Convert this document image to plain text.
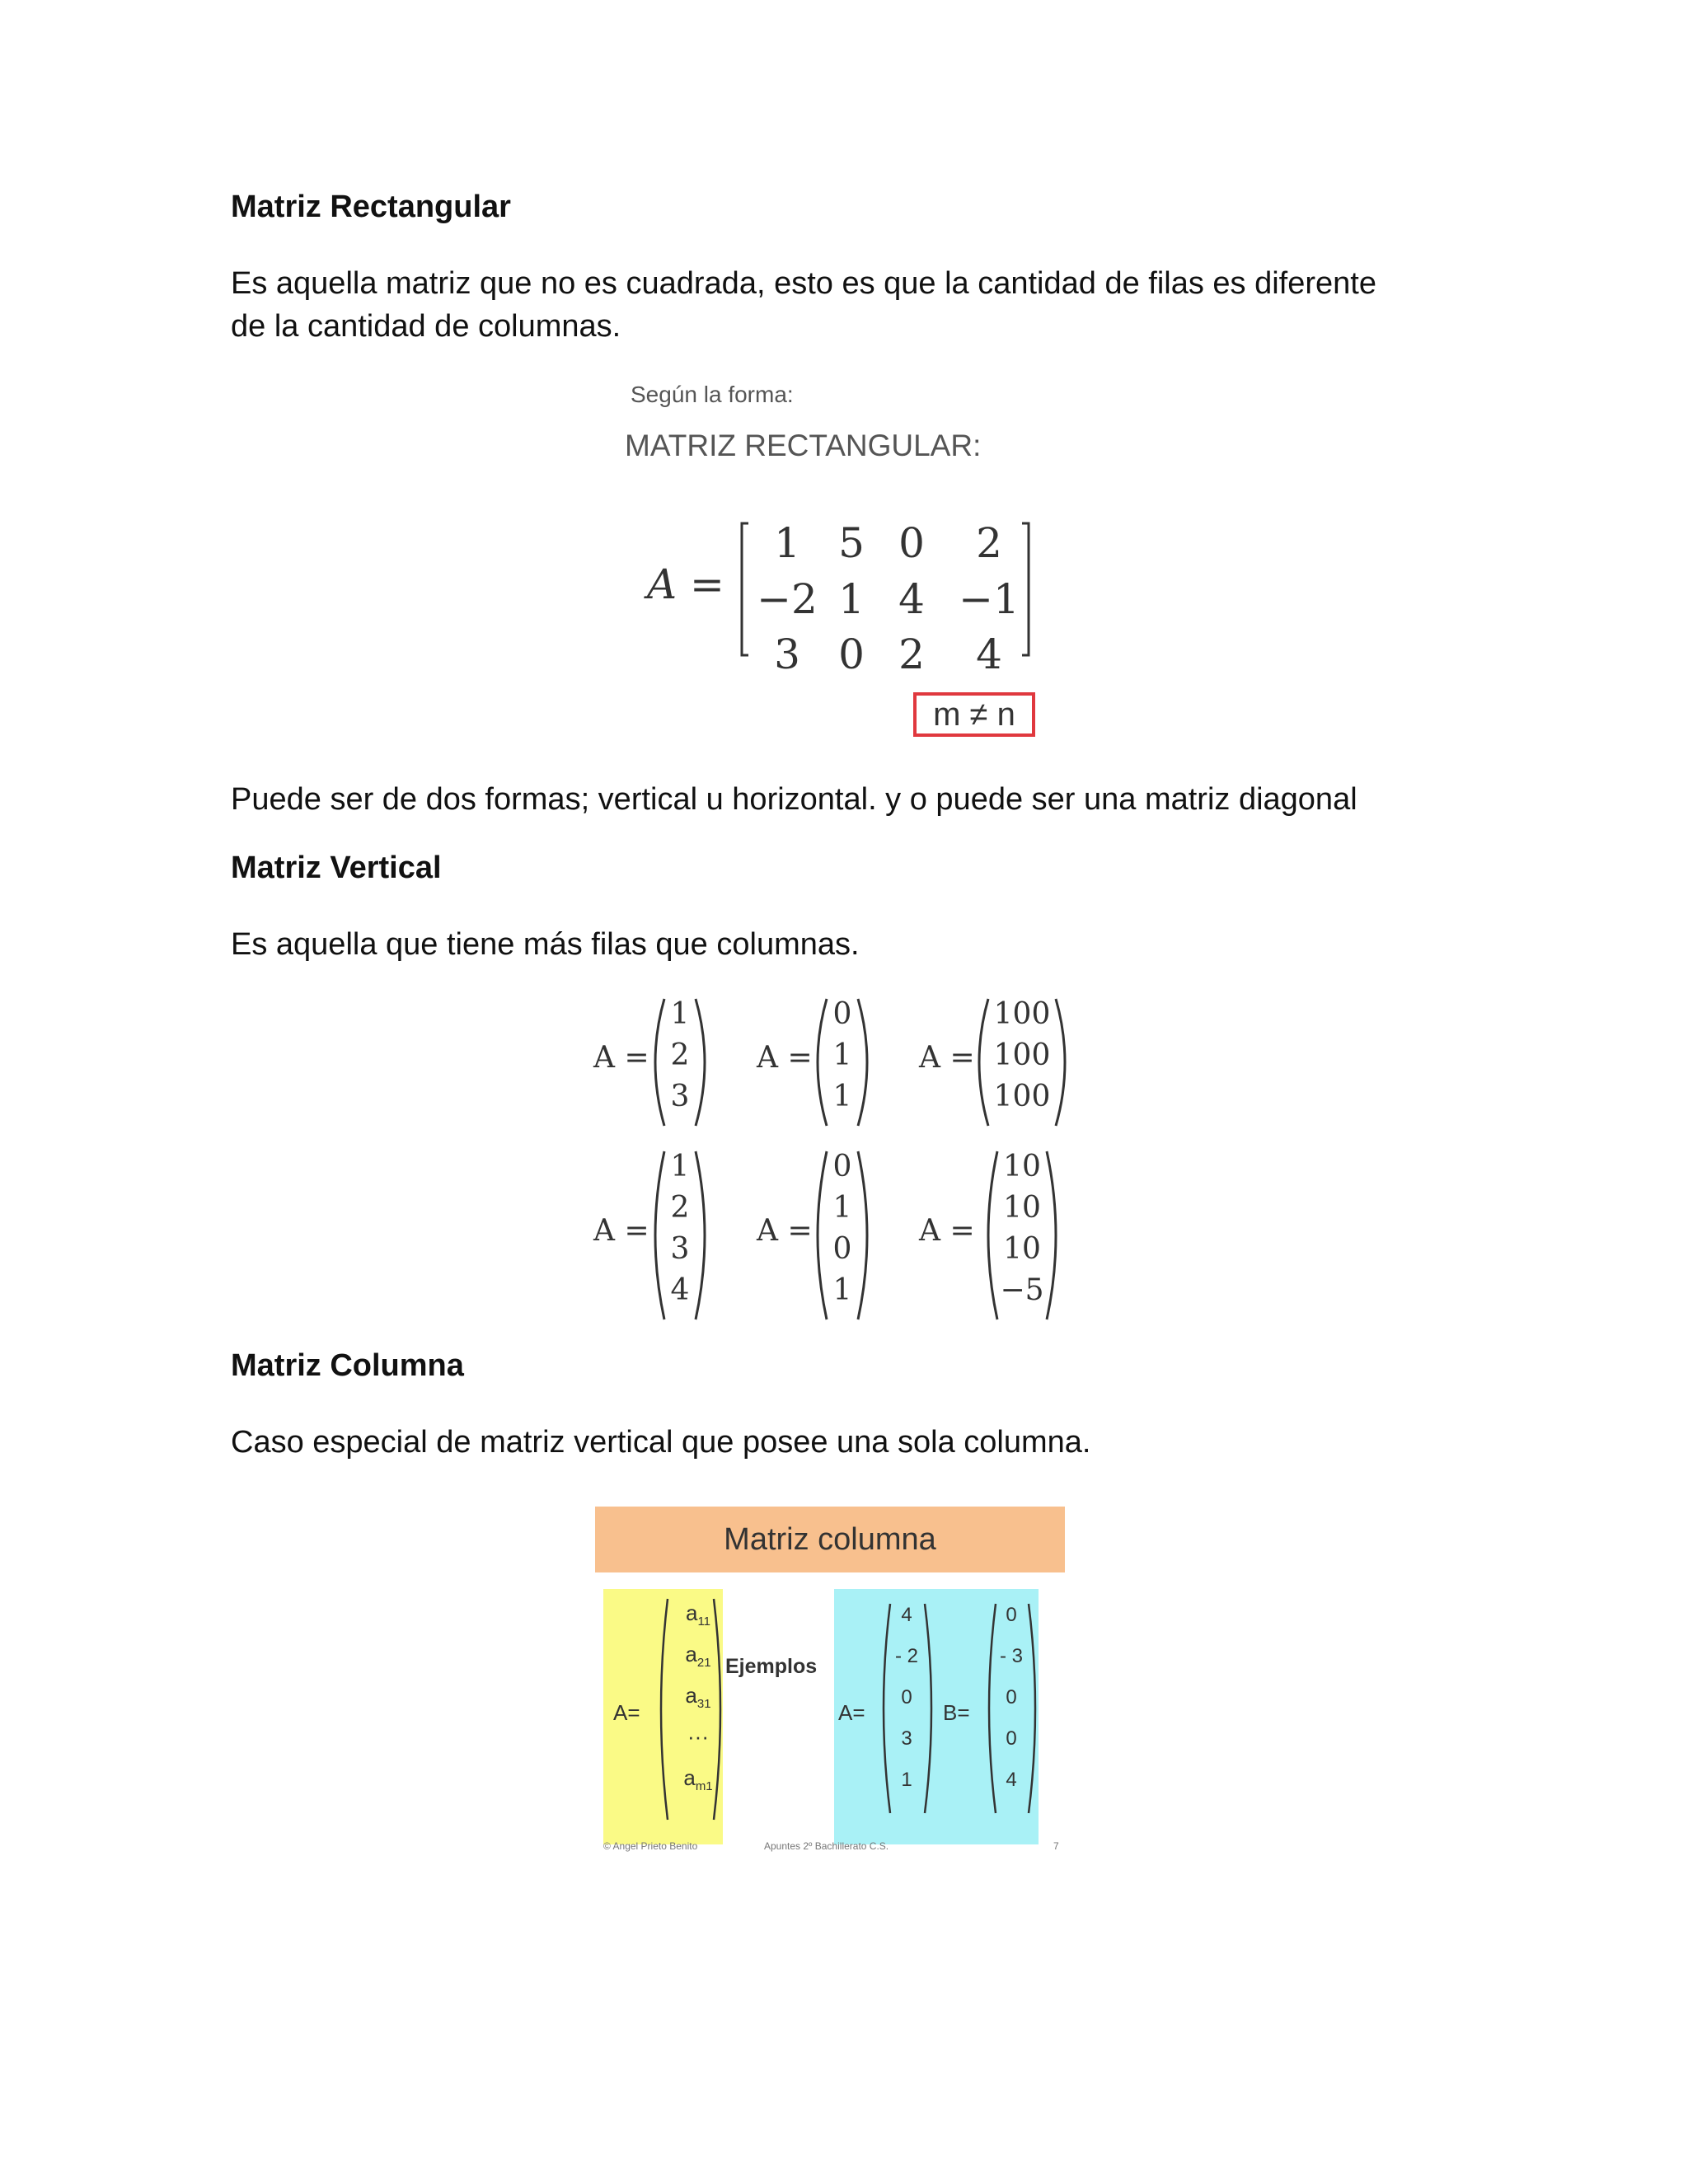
Matriz Rectangular
Es aquella matriz que no es cuadrada, esto es que la cantidad de filas es diferente
de la cantidad de columnas.
Según la forma:
MATRIZ RECTANGULAR:
A =
1 5 0	2
−2 1 4 −1
3 0 2	4
m ≠ n
Puede ser de dos formas; vertical u horizontal. y o puede ser una matriz diagonal
Matriz Vertical
Es aquella que tiene más filas que columnas.
A =
1
2
3
A =
0
1
1
A =
100
100
100
A =
1
2
3
4
A =
0
1
0
1
A =
10
10
10
−5
Matriz Columna
Caso especial de matriz vertical que posee una sola columna.
Matriz columna
A=
$a_{11}$
$a_{21}$
$a_{31}$
···
$a_{m1}$
Ejemplos
A=	B=
4
- 2
0
3
1
0
- 3
0
0
4
© Angel Prieto Benito	Apuntes 2º Bachillerato C.S.	7
